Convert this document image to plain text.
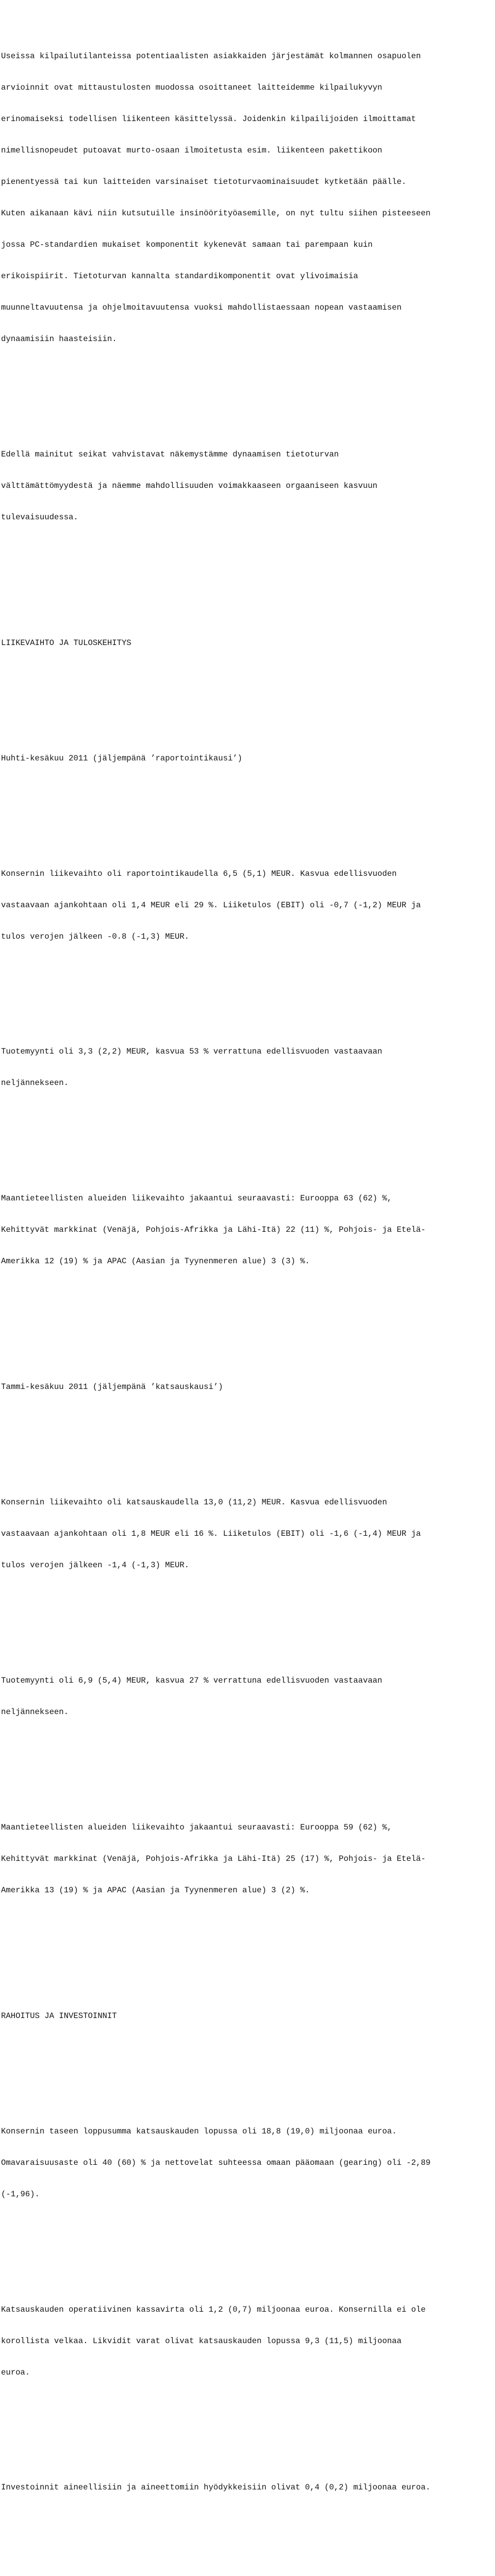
Useissa kilpailutilanteissa potentiaalisten asiakkaiden järjestämät kolmannen osapuolen

arvioinnit ovat mittaustulosten muodossa osoittaneet laitteidemme kilpailukyvyn

erinomaiseksi todellisen liikenteen käsittelyssä. Joidenkin kilpailijoiden ilmoittamat

nimellisnopeudet putoavat murto-osaan ilmoitetusta esim. liikenteen pakettikoon

pienentyessä tai kun laitteiden varsinaiset tietoturvaominaisuudet kytketään päälle.

Kuten aikanaan kävi niin kutsutuille insinöörityöasemille, on nyt tultu siihen pisteeseen

jossa PC-standardien mukaiset komponentit kykenevät samaan tai parempaan kuin

erikoispiirit. Tietoturvan kannalta standardikomponentit ovat ylivoimaisia

muunneltavuutensa ja ohjelmoitavuutensa vuoksi mahdollistaessaan nopean vastaamisen

dynaamisiin haasteisiin.

Edellä mainitut seikat vahvistavat näkemystämme dynaamisen tietoturvan

välttämättömyydestä ja näemme mahdollisuuden voimakkaaseen orgaaniseen kasvuun

tulevaisuudessa.

LIIKEVAIHTO JA TULOSKEHITYS

Huhti-kesäkuu 2011 (jäljempänä ’raportointikausi’)

Konsernin liikevaihto oli raportointikaudella 6,5 (5,1) MEUR. Kasvua edellisvuoden

vastaavaan ajankohtaan oli 1,4 MEUR eli 29 %. Liiketulos (EBIT) oli -0,7 (-1,2) MEUR ja

tulos verojen jälkeen -0.8 (-1,3) MEUR.

Tuotemyynti oli 3,3 (2,2) MEUR, kasvua 53 % verrattuna edellisvuoden vastaavaan

neljännekseen.

Maantieteellisten alueiden liikevaihto jakaantui seuraavasti: Eurooppa 63 (62) %,

Kehittyvät markkinat (Venäjä, Pohjois-Afrikka ja Lähi-Itä) 22 (11) %, Pohjois- ja Etelä-

Amerikka 12 (19) % ja APAC (Aasian ja Tyynenmeren alue) 3 (3) %.

Tammi-kesäkuu 2011 (jäljempänä ’katsauskausi’)

Konsernin liikevaihto oli katsauskaudella 13,0 (11,2) MEUR. Kasvua edellisvuoden

vastaavaan ajankohtaan oli 1,8 MEUR eli 16 %. Liiketulos (EBIT) oli -1,6 (-1,4) MEUR ja

tulos verojen jälkeen -1,4 (-1,3) MEUR.

Tuotemyynti oli 6,9 (5,4) MEUR, kasvua 27 % verrattuna edellisvuoden vastaavaan

neljännekseen.

Maantieteellisten alueiden liikevaihto jakaantui seuraavasti: Eurooppa 59 (62) %,

Kehittyvät markkinat (Venäjä, Pohjois-Afrikka ja Lähi-Itä) 25 (17) %, Pohjois- ja Etelä-

Amerikka 13 (19) % ja APAC (Aasian ja Tyynenmeren alue) 3 (2) %.

RAHOITUS JA INVESTOINNIT

Konsernin taseen loppusumma katsauskauden lopussa oli 18,8 (19,0) miljoonaa euroa.

Omavaraisuusaste oli 40 (60) % ja nettovelat suhteessa omaan pääomaan (gearing) oli -2,89

(-1,96).

Katsauskauden operatiivinen kassavirta oli 1,2 (0,7) miljoonaa euroa. Konsernilla ei ole

korollista velkaa. Likvidit varat olivat katsauskauden lopussa 9,3 (11,5) miljoonaa

euroa.

Investoinnit aineellisiin ja aineettomiin hyödykkeisiin olivat 0,4 (0,2) miljoonaa euroa.
